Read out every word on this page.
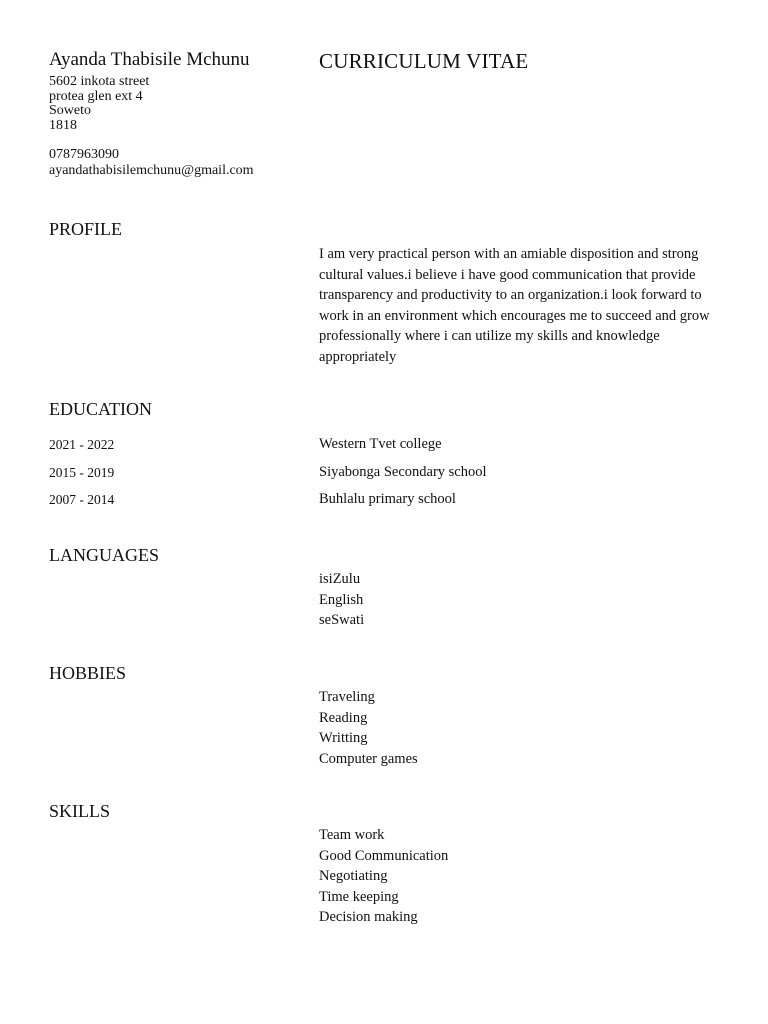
Ayanda Thabisile Mchunu	CURRICULUM VITAE
5602 inkota street
protea glen ext 4
Soweto
1818
0787963090
ayandathabisilemchunu@gmail.com
PROFILE
I am very practical person with an amiable disposition and strong cultural values.i believe i have good communication that provide transparency and productivity to an organization.i look forward to work in an environment which encourages me to succeed and grow professionally where i can utilize my skills and knowledge appropriately
EDUCATION
2021 - 2022	Western Tvet college
2015 - 2019	Siyabonga Secondary school
2007 - 2014	Buhlalu primary school
LANGUAGES
isiZulu
English
seSwati
HOBBIES
Traveling
Reading
Writting
Computer games
SKILLS
Team work
Good Communication
Negotiating
Time keeping
Decision making
